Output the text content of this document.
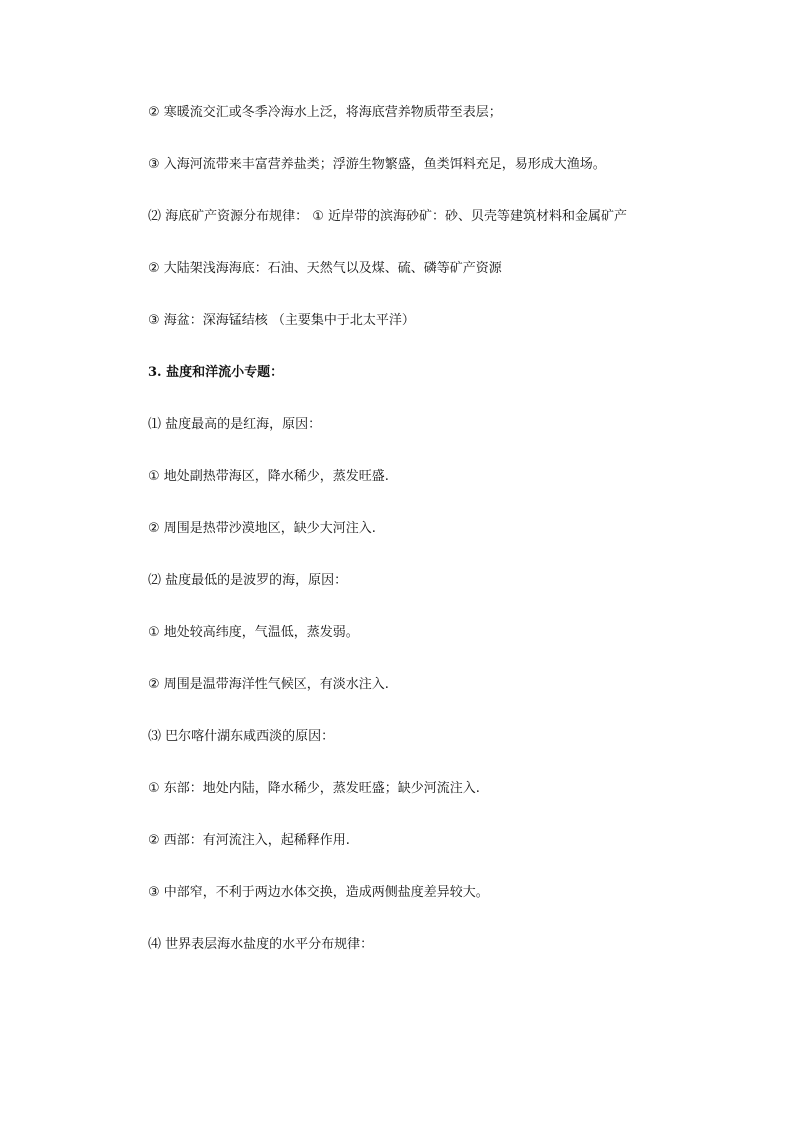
② 寒暖流交汇或冬季冷海水上泛，将海底营养物质带至表层；
③ 入海河流带来丰富营养盐类；浮游生物繁盛，鱼类饵料充足，易形成大渔场。
⑵ 海底矿产资源分布规律： ① 近岸带的滨海砂矿：砂、贝壳等建筑材料和金属矿产
② 大陆架浅海海底：石油、天然气以及煤、硫、磷等矿产资源
③ 海盆：深海锰结核 （主要集中于北太平洋）
3. 盐度和洋流小专题：
⑴ 盐度最高的是红海，原因：
① 地处副热带海区，降水稀少，蒸发旺盛.
② 周围是热带沙漠地区，缺少大河注入.
⑵ 盐度最低的是波罗的海，原因：
① 地处较高纬度，气温低，蒸发弱。
② 周围是温带海洋性气候区，有淡水注入.
⑶ 巴尔喀什湖东咸西淡的原因：
① 东部：地处内陆，降水稀少，蒸发旺盛；缺少河流注入.
② 西部：有河流注入，起稀释作用.
③ 中部窄，不利于两边水体交换，造成两侧盐度差异较大。
⑷ 世界表层海水盐度的水平分布规律：
